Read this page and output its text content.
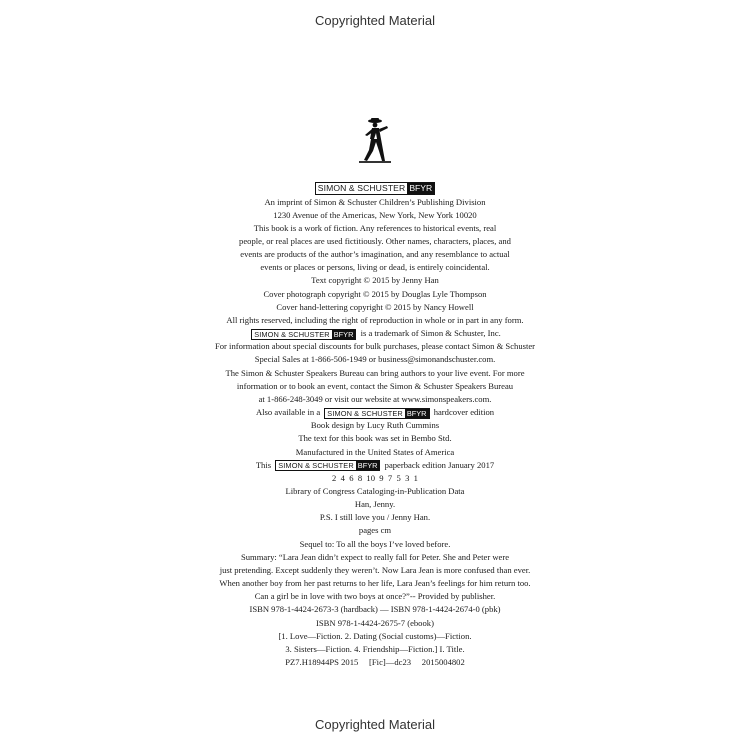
Copyrighted Material
SIMON & SCHUSTER BFYR
An imprint of Simon & Schuster Children’s Publishing Division
1230 Avenue of the Americas, New York, New York 10020
This book is a work of fiction. Any references to historical events, real
people, or real places are used fictitiously. Other names, characters, places, and
events are products of the author’s imagination, and any resemblance to actual
events or places or persons, living or dead, is entirely coincidental.
Text copyright © 2015 by Jenny Han
Cover photograph copyright © 2015 by Douglas Lyle Thompson
Cover hand-lettering copyright © 2015 by Nancy Howell
All rights reserved, including the right of reproduction in whole or in part in any form.
SIMON & SCHUSTER BFYR is a trademark of Simon & Schuster, Inc.
For information about special discounts for bulk purchases, please contact Simon & Schuster
Special Sales at 1-866-506-1949 or business@simonandschuster.com.
The Simon & Schuster Speakers Bureau can bring authors to your live event. For more
information or to book an event, contact the Simon & Schuster Speakers Bureau
at 1-866-248-3049 or visit our website at www.simonspeakers.com.
Also available in a SIMON & SCHUSTER BFYR hardcover edition
Book design by Lucy Ruth Cummins
The text for this book was set in Bembo Std.
Manufactured in the United States of America
This SIMON & SCHUSTER BFYR paperback edition January 2017
2  4  6  8  10  9  7  5  3  1
Library of Congress Cataloging-in-Publication Data
Han, Jenny.
P.S. I still love you / Jenny Han.
pages cm
Sequel to: To all the boys I’ve loved before.
Summary: “Lara Jean didn’t expect to really fall for Peter. She and Peter were
just pretending. Except suddenly they weren’t. Now Lara Jean is more confused than ever.
When another boy from her past returns to her life, Lara Jean’s feelings for him return too.
Can a girl be in love with two boys at once?”-- Provided by publisher.
ISBN 978-1-4424-2673-3 (hardback) — ISBN 978-1-4424-2674-0 (pbk)
ISBN 978-1-4424-2675-7 (ebook)
[1. Love—Fiction. 2. Dating (Social customs)—Fiction.
3. Sisters—Fiction. 4. Friendship—Fiction.] I. Title.
PZ7.H18944PS 2015     [Fic]—dc23     2015004802
Copyrighted Material
